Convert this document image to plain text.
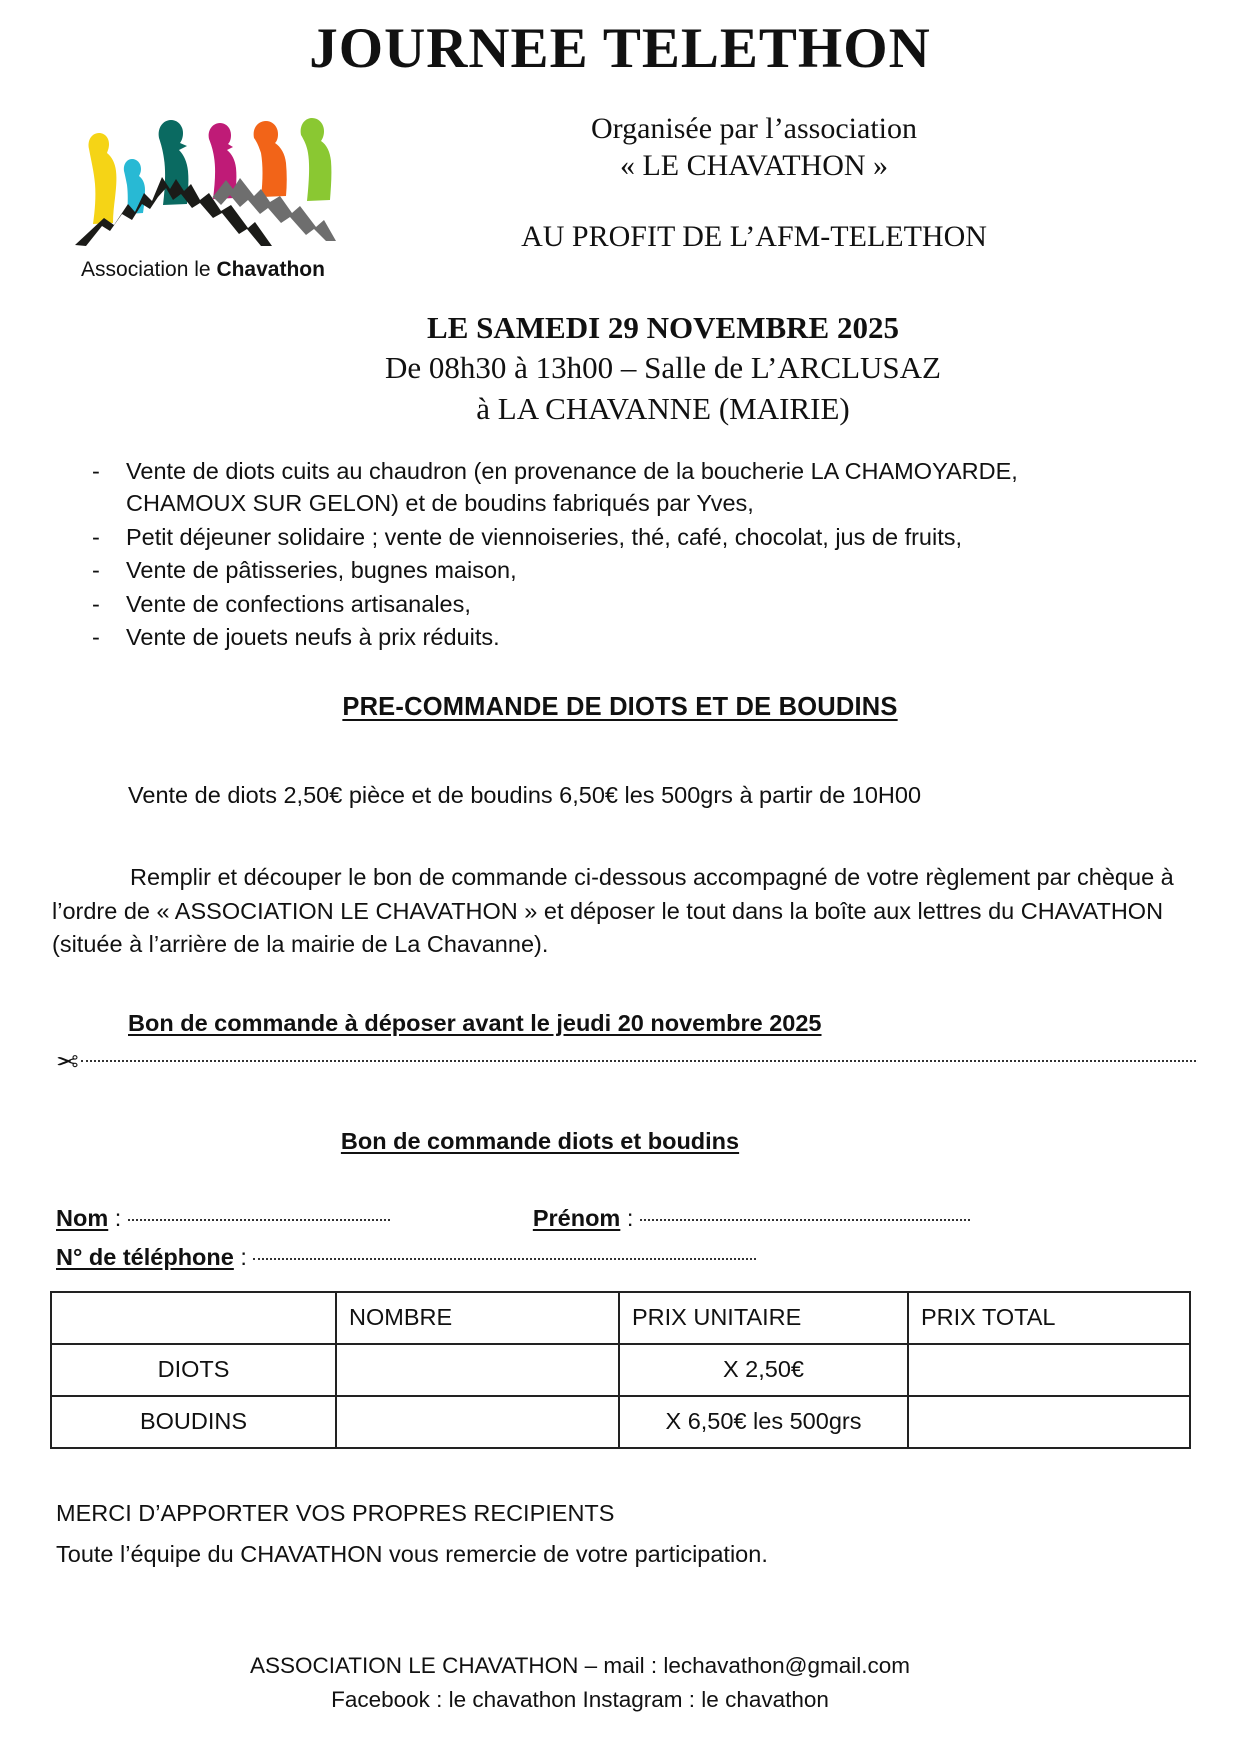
JOURNEE TELETHON
Association le Chavathon
Organisée par l’association
« LE CHAVATHON »
AU PROFIT DE L’AFM-TELETHON
LE SAMEDI 29 NOVEMBRE 2025
De 08h30 à 13h00 – Salle de L’ARCLUSAZ
à LA CHAVANNE (MAIRIE)
-	Vente de diots cuits au chaudron (en provenance de la boucherie LA CHAMOYARDE, CHAMOUX SUR GELON) et de boudins fabriqués par Yves,
-	Petit déjeuner solidaire ; vente de viennoiseries, thé, café, chocolat, jus de fruits,
-	Vente de pâtisseries, bugnes maison,
-	Vente de confections artisanales,
-	Vente de jouets neufs à prix réduits.
PRE-COMMANDE DE DIOTS ET DE BOUDINS
Vente de diots 2,50€ pièce et de boudins 6,50€ les 500grs à partir de 10H00
Remplir et découper le bon de commande ci-dessous accompagné de votre règlement par chèque à l’ordre de « ASSOCIATION LE CHAVATHON » et déposer le tout dans la boîte aux lettres du CHAVATHON (située à l’arrière de la mairie de La Chavanne).
Bon de commande à déposer avant le jeudi 20 novembre 2025
✂
Bon de commande diots et boudins
Nom :	Prénom :
N° de téléphone :
	NOMBRE	PRIX UNITAIRE	PRIX TOTAL
DIOTS		X 2,50€	
BOUDINS		X 6,50€ les 500grs	
MERCI D’APPORTER VOS PROPRES RECIPIENTS
Toute l’équipe du CHAVATHON vous remercie de votre participation.
ASSOCIATION LE CHAVATHON – mail : lechavathon@gmail.com
Facebook : le chavathon Instagram : le chavathon
